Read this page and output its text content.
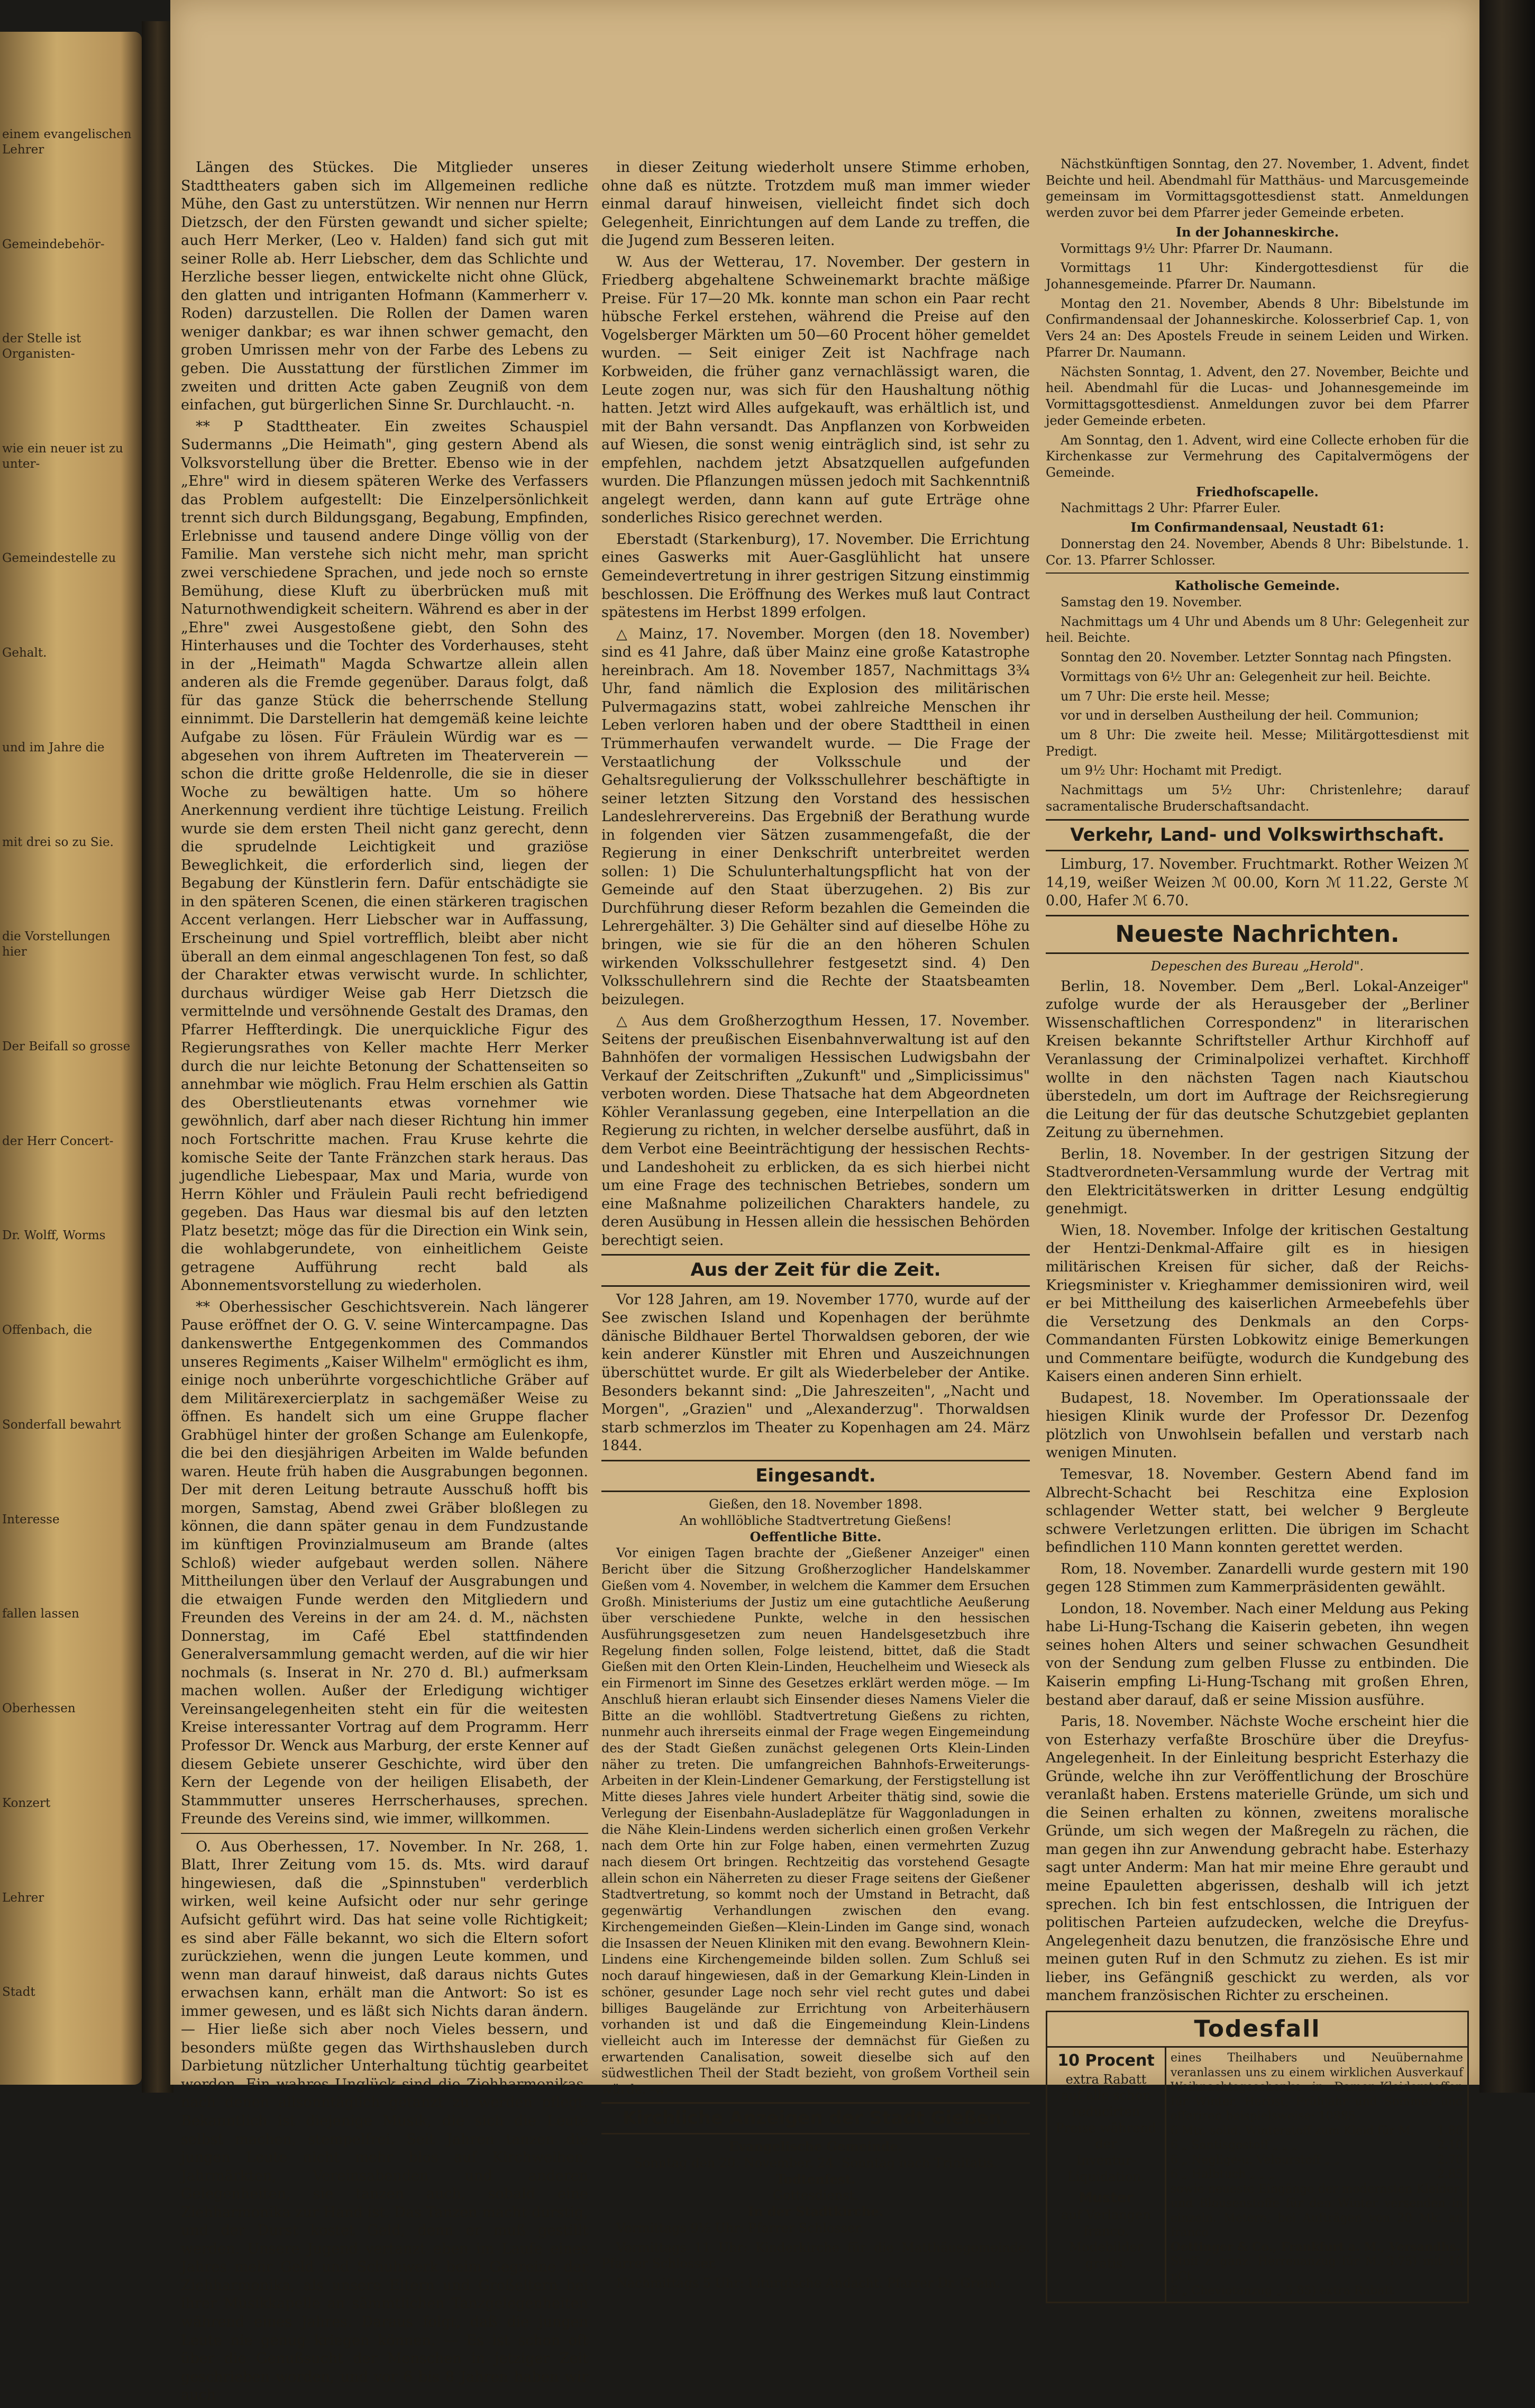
einem evangelischen Lehrer
Gemeindebehör-
der Stelle ist Organisten-
wie ein neuer ist zu unter-
Gemeindestelle zu
Gehalt.
und im Jahre die
mit drei so zu Sie.
die Vorstellungen hier
Der Beifall so grosse
der Herr Concert-
Dr. Wolff, Worms
Offenbach, die
Sonderfall bewahrt
Interesse
fallen lassen
Oberhessen
Konzert
Lehrer
Stadt

Längen des Stückes. Die Mitglieder unseres Stadttheaters gaben sich im Allgemeinen redliche Mühe, den Gast zu unterstützen. Wir nennen nur Herrn Dietzsch, der den Fürsten gewandt und sicher spielte; auch Herr Merker, (Leo v. Halden) fand sich gut mit seiner Rolle ab. Herr Liebscher, dem das Schlichte und Herzliche besser liegen, entwickelte nicht ohne Glück, den glatten und intriganten Hofmann (Kammerherr v. Roden) darzustellen. Die Rollen der Damen waren weniger dankbar; es war ihnen schwer gemacht, den groben Umrissen mehr von der Farbe des Lebens zu geben. Die Ausstattung der fürstlichen Zimmer im zweiten und dritten Acte gaben Zeugniß von dem einfachen, gut bürgerlichen Sinne Sr. Durchlaucht. -n.

** P Stadttheater. Ein zweites Schauspiel Sudermanns „Die Heimath", ging gestern Abend als Volksvorstellung über die Bretter. Ebenso wie in der „Ehre" wird in diesem späteren Werke des Verfassers das Problem aufgestellt: Die Einzelpersönlichkeit trennt sich durch Bildungsgang, Begabung, Empfinden, Erlebnisse und tausend andere Dinge völlig von der Familie. Man verstehe sich nicht mehr, man spricht zwei verschiedene Sprachen, und jede noch so ernste Bemühung, diese Kluft zu überbrücken muß mit Naturnothwendigkeit scheitern. Während es aber in der „Ehre" zwei Ausgestoßene giebt, den Sohn des Hinterhauses und die Tochter des Vorderhauses, steht in der „Heimath" Magda Schwartze allein allen anderen als die Fremde gegenüber. Daraus folgt, daß für das ganze Stück die beherrschende Stellung einnimmt. Die Darstellerin hat demgemäß keine leichte Aufgabe zu lösen. Für Fräulein Würdig war es — abgesehen von ihrem Auftreten im Theaterverein — schon die dritte große Heldenrolle, die sie in dieser Woche zu bewältigen hatte. Um so höhere Anerkennung verdient ihre tüchtige Leistung. Freilich wurde sie dem ersten Theil nicht ganz gerecht, denn die sprudelnde Leichtigkeit und graziöse Beweglichkeit, die erforderlich sind, liegen der Begabung der Künstlerin fern. Dafür entschädigte sie in den späteren Scenen, die einen stärkeren tragischen Accent verlangen. Herr Liebscher war in Auffassung, Erscheinung und Spiel vortrefflich, bleibt aber nicht überall an dem einmal angeschlagenen Ton fest, so daß der Charakter etwas verwischt wurde. In schlichter, durchaus würdiger Weise gab Herr Dietzsch die vermittelnde und versöhnende Gestalt des Dramas, den Pfarrer Heffterdingk. Die unerquickliche Figur des Regierungsrathes von Keller machte Herr Merker durch die nur leichte Betonung der Schattenseiten so annehmbar wie möglich. Frau Helm erschien als Gattin des Oberstlieutenants etwas vornehmer wie gewöhnlich, darf aber nach dieser Richtung hin immer noch Fortschritte machen. Frau Kruse kehrte die komische Seite der Tante Fränzchen stark heraus. Das jugendliche Liebespaar, Max und Maria, wurde von Herrn Köhler und Fräulein Pauli recht befriedigend gegeben. Das Haus war diesmal bis auf den letzten Platz besetzt; möge das für die Direction ein Wink sein, die wohlabgerundete, von einheitlichem Geiste getragene Aufführung recht bald als Abonnementsvorstellung zu wiederholen.

** Oberhessischer Geschichtsverein. Nach längerer Pause eröffnet der O. G. V. seine Wintercampagne. Das dankenswerthe Entgegenkommen des Commandos unseres Regiments „Kaiser Wilhelm" ermöglicht es ihm, einige noch unberührte vorgeschichtliche Gräber auf dem Militärexercierplatz in sachgemäßer Weise zu öffnen. Es handelt sich um eine Gruppe flacher Grabhügel hinter der großen Schange am Eulenkopfe, die bei den diesjährigen Arbeiten im Walde befunden waren. Heute früh haben die Ausgrabungen begonnen. Der mit deren Leitung betraute Ausschuß hofft bis morgen, Samstag, Abend zwei Gräber bloßlegen zu können, die dann später genau in dem Fundzustande im künftigen Provinzialmuseum am Brande (altes Schloß) wieder aufgebaut werden sollen. Nähere Mittheilungen über den Verlauf der Ausgrabungen und die etwaigen Funde werden den Mitgliedern und Freunden des Vereins in der am 24. d. M., nächsten Donnerstag, im Café Ebel stattfindenden Generalversammlung gemacht werden, auf die wir hier nochmals (s. Inserat in Nr. 270 d. Bl.) aufmerksam machen wollen. Außer der Erledigung wichtiger Vereinsangelegenheiten steht ein für die weitesten Kreise interessanter Vortrag auf dem Programm. Herr Professor Dr. Wenck aus Marburg, der erste Kenner auf diesem Gebiete unserer Geschichte, wird über den Kern der Legende von der heiligen Elisabeth, der Stammmutter unseres Herrscherhauses, sprechen. Freunde des Vereins sind, wie immer, willkommen.

O. Aus Oberhessen, 17. November. In Nr. 268, 1. Blatt, Ihrer Zeitung vom 15. ds. Mts. wird darauf hingewiesen, daß die „Spinnstuben" verderblich wirken, weil keine Aufsicht oder nur sehr geringe Aufsicht geführt wird. Das hat seine volle Richtigkeit; es sind aber Fälle bekannt, wo sich die Eltern sofort zurückziehen, wenn die jungen Leute kommen, und wenn man darauf hinweist, daß daraus nichts Gutes erwachsen kann, erhält man die Antwort: So ist es immer gewesen, und es läßt sich Nichts daran ändern. — Hier ließe sich aber noch Vieles bessern, und besonders müßte gegen das Wirthshausleben durch Darbietung nützlicher Unterhaltung tüchtig gearbeitet werden. Ein wahres Unglück sind die Ziehharmonikas, nach denen allsonntäglich getanzt zu werden pflegt. Bekanntlich ist diejenige Musik, die sich die Leute selbst machen, stempelfrei. Seit Jahren tanzen die jungen Leute nicht mehr blos auf Kirchweihen, Jahrmärkten, Vereinsabenden und anderen Gelegenheiten, sie tanzen auch, sobald eine Ziehharmonika zur Hand ist. Das Tanzen macht durstig, und der Durst kostet Geld, denn er muß gestillt werden. Unsere Jugend vertanzt eben im Laufe eines Jahres mehr Geld und Schuhwerk beim Gegreine der Ziehharmonika, als unsere Eltern und Großeltern bei ihrer Musikkapelle an sämmtlichen Tanzgelegenheiten während eines Jahres. Daraus folgt, daß die jungen Leute nie genug kriegen können. — Es ist schon oft über die Genußsucht der Menschen in jetziger Zeit geschrieben worden, und vor 6 bis 8 Jahren haben wir auch

in dieser Zeitung wiederholt unsere Stimme erhoben, ohne daß es nützte. Trotzdem muß man immer wieder einmal darauf hinweisen, vielleicht findet sich doch Gelegenheit, Einrichtungen auf dem Lande zu treffen, die die Jugend zum Besseren leiten.

W. Aus der Wetterau, 17. November. Der gestern in Friedberg abgehaltene Schweinemarkt brachte mäßige Preise. Für 17—20 Mk. konnte man schon ein Paar recht hübsche Ferkel erstehen, während die Preise auf den Vogelsberger Märkten um 50—60 Procent höher gemeldet wurden. — Seit einiger Zeit ist Nachfrage nach Korbweiden, die früher ganz vernachlässigt waren, die Leute zogen nur, was sich für den Haushaltung nöthig hatten. Jetzt wird Alles aufgekauft, was erhältlich ist, und mit der Bahn versandt. Das Anpflanzen von Korbweiden auf Wiesen, die sonst wenig einträglich sind, ist sehr zu empfehlen, nachdem jetzt Absatzquellen aufgefunden wurden. Die Pflanzungen müssen jedoch mit Sachkenntniß angelegt werden, dann kann auf gute Erträge ohne sonderliches Risico gerechnet werden.

Eberstadt (Starkenburg), 17. November. Die Errichtung eines Gaswerks mit Auer-Gasglühlicht hat unsere Gemeindevertretung in ihrer gestrigen Sitzung einstimmig beschlossen. Die Eröffnung des Werkes muß laut Contract spätestens im Herbst 1899 erfolgen.

△ Mainz, 17. November. Morgen (den 18. November) sind es 41 Jahre, daß über Mainz eine große Katastrophe hereinbrach. Am 18. November 1857, Nachmittags 3¾ Uhr, fand nämlich die Explosion des militärischen Pulvermagazins statt, wobei zahlreiche Menschen ihr Leben verloren haben und der obere Stadttheil in einen Trümmerhaufen verwandelt wurde. — Die Frage der Verstaatlichung der Volksschule und der Gehaltsregulierung der Volksschullehrer beschäftigte in seiner letzten Sitzung den Vorstand des hessischen Landeslehrervereins. Das Ergebniß der Berathung wurde in folgenden vier Sätzen zusammengefaßt, die der Regierung in einer Denkschrift unterbreitet werden sollen: 1) Die Schulunterhaltungspflicht hat von der Gemeinde auf den Staat überzugehen. 2) Bis zur Durchführung dieser Reform bezahlen die Gemeinden die Lehrergehälter. 3) Die Gehälter sind auf dieselbe Höhe zu bringen, wie sie für die an den höheren Schulen wirkenden Volksschullehrer festgesetzt sind. 4) Den Volksschullehrern sind die Rechte der Staatsbeamten beizulegen.

△ Aus dem Großherzogthum Hessen, 17. November. Seitens der preußischen Eisenbahnverwaltung ist auf den Bahnhöfen der vormaligen Hessischen Ludwigsbahn der Verkauf der Zeitschriften „Zukunft" und „Simplicissimus" verboten worden. Diese Thatsache hat dem Abgeordneten Köhler Veranlassung gegeben, eine Interpellation an die Regierung zu richten, in welcher derselbe ausführt, daß in dem Verbot eine Beeinträchtigung der hessischen Rechts- und Landeshoheit zu erblicken, da es sich hierbei nicht um eine Frage des technischen Betriebes, sondern um eine Maßnahme polizeilichen Charakters handele, zu deren Ausübung in Hessen allein die hessischen Behörden berechtigt seien.

Aus der Zeit für die Zeit.

Vor 128 Jahren, am 19. November 1770, wurde auf der See zwischen Island und Kopenhagen der berühmte dänische Bildhauer Bertel Thorwaldsen geboren, der wie kein anderer Künstler mit Ehren und Auszeichnungen überschüttet wurde. Er gilt als Wiederbeleber der Antike. Besonders bekannt sind: „Die Jahreszeiten", „Nacht und Morgen", „Grazien" und „Alexanderzug". Thorwaldsen starb schmerzlos im Theater zu Kopenhagen am 24. März 1844.

Eingesandt.
Gießen, den 18. November 1898.
An wohllöbliche Stadtvertretung Gießens!
Oeffentliche Bitte.

Vor einigen Tagen brachte der „Gießener Anzeiger" einen Bericht über die Sitzung Großherzoglicher Handelskammer Gießen vom 4. November, in welchem die Kammer dem Ersuchen Großh. Ministeriums der Justiz um eine gutachtliche Aeußerung über verschiedene Punkte, welche in den hessischen Ausführungsgesetzen zum neuen Handelsgesetzbuch ihre Regelung finden sollen, Folge leistend, bittet, daß die Stadt Gießen mit den Orten Klein-Linden, Heuchelheim und Wieseck als ein Firmenort im Sinne des Gesetzes erklärt werden möge. — Im Anschluß hieran erlaubt sich Einsender dieses Namens Vieler die Bitte an die wohllöbl. Stadtvertretung Gießens zu richten, nunmehr auch ihrerseits einmal der Frage wegen Eingemeindung des der Stadt Gießen zunächst gelegenen Orts Klein-Linden näher zu treten. Die umfangreichen Bahnhofs-Erweiterungs-Arbeiten in der Klein-Lindener Gemarkung, der Ferstigstellung ist Mitte dieses Jahres viele hundert Arbeiter thätig sind, sowie die Verlegung der Eisenbahn-Ausladeplätze für Waggonladungen in die Nähe Klein-Lindens werden sicherlich einen großen Verkehr nach dem Orte hin zur Folge haben, einen vermehrten Zuzug nach diesem Ort bringen. Rechtzeitig das vorstehend Gesagte allein schon ein Näherreten zu dieser Frage seitens der Gießener Stadtvertretung, so kommt noch der Umstand in Betracht, daß gegenwärtig Verhandlungen zwischen den evang. Kirchengemeinden Gießen—Klein-Linden im Gange sind, wonach die Insassen der Neuen Kliniken mit den evang. Bewohnern Klein-Lindens eine Kirchengemeinde bilden sollen. Zum Schluß sei noch darauf hingewiesen, daß in der Gemarkung Klein-Linden in schöner, gesunder Lage noch sehr viel recht gutes und dabei billiges Baugelände zur Errichtung von Arbeiterhäusern vorhanden ist und daß die Eingemeindung Klein-Lindens vielleicht auch im Interesse der demnächst für Gießen zu erwartenden Canalisation, soweit dieselbe sich auf den südwestlichen Theil der Stadt bezieht, von großem Vortheil sein würde. -w.-

Kirchliche Anzeigen der Stadt Gießen.
Evangelische Gemeinde.
Sonntag den 20. November. 24. Sonntag nach Trinitatis.
Todtenfest.
Gottesdienst.
In der Stadtkirche.

Vormittags 9½ Uhr: Pfarrer Schlosser.

Vormittags 11 Uhr: Kinderkirche für die Matthäusgemeinde. Pfarrer Schlosser.

Nachmittags 5 Uhr: Liturgische Andacht. Pfarrer Dr. Grein.

Nächstkünftigen Sonntag, den 27. November, 1. Advent, findet Beichte und heil. Abendmahl für Matthäus- und Marcusgemeinde gemeinsam im Vormittagsgottesdienst statt. Anmeldungen werden zuvor bei dem Pfarrer jeder Gemeinde erbeten.

In der Johanneskirche.

Vormittags 9½ Uhr: Pfarrer Dr. Naumann.

Vormittags 11 Uhr: Kindergottesdienst für die Johannesgemeinde. Pfarrer Dr. Naumann.

Montag den 21. November, Abends 8 Uhr: Bibelstunde im Confirmandensaal der Johanneskirche. Kolosserbrief Cap. 1, von Vers 24 an: Des Apostels Freude in seinem Leiden und Wirken. Pfarrer Dr. Naumann.

Nächsten Sonntag, 1. Advent, den 27. November, Beichte und heil. Abendmahl für die Lucas- und Johannesgemeinde im Vormittagsgottesdienst. Anmeldungen zuvor bei dem Pfarrer jeder Gemeinde erbeten.

Am Sonntag, den 1. Advent, wird eine Collecte erhoben für die Kirchenkasse zur Vermehrung des Capitalvermögens der Gemeinde.

Friedhofscapelle.

Nachmittags 2 Uhr: Pfarrer Euler.

Im Confirmandensaal, Neustadt 61:

Donnerstag den 24. November, Abends 8 Uhr: Bibelstunde. 1. Cor. 13. Pfarrer Schlosser.

Katholische Gemeinde.

Samstag den 19. November.

Nachmittags um 4 Uhr und Abends um 8 Uhr: Gelegenheit zur heil. Beichte.

Sonntag den 20. November. Letzter Sonntag nach Pfingsten.

Vormittags von 6½ Uhr an: Gelegenheit zur heil. Beichte.

um 7 Uhr: Die erste heil. Messe;

vor und in derselben Austheilung der heil. Communion;

um 8 Uhr: Die zweite heil. Messe; Militärgottesdienst mit Predigt.

um 9½ Uhr: Hochamt mit Predigt.

Nachmittags um 5½ Uhr: Christenlehre; darauf sacramentalische Bruderschaftsandacht.

Verkehr, Land- und Volkswirthschaft.

Limburg, 17. November. Fruchtmarkt. Rother Weizen ℳ 14,19, weißer Weizen ℳ 00.00, Korn ℳ 11.22, Gerste ℳ 0.00, Hafer ℳ 6.70.

Neueste Nachrichten.
Depeschen des Bureau „Herold".

Berlin, 18. November. Dem „Berl. Lokal-Anzeiger" zufolge wurde der als Herausgeber der „Berliner Wissenschaftlichen Correspondenz" in literarischen Kreisen bekannte Schriftsteller Arthur Kirchhoff auf Veranlassung der Criminalpolizei verhaftet. Kirchhoff wollte in den nächsten Tagen nach Kiautschou überstedeln, um dort im Auftrage der Reichsregierung die Leitung der für das deutsche Schutzgebiet geplanten Zeitung zu übernehmen.

Berlin, 18. November. In der gestrigen Sitzung der Stadtverordneten-Versammlung wurde der Vertrag mit den Elektricitätswerken in dritter Lesung endgültig genehmigt.

Wien, 18. November. Infolge der kritischen Gestaltung der Hentzi-Denkmal-Affaire gilt es in hiesigen militärischen Kreisen für sicher, daß der Reichs-Kriegsminister v. Krieghammer demissioniren wird, weil er bei Mittheilung des kaiserlichen Armeebefehls über die Versetzung des Denkmals an den Corps-Commandanten Fürsten Lobkowitz einige Bemerkungen und Commentare beifügte, wodurch die Kundgebung des Kaisers einen anderen Sinn erhielt.

Budapest, 18. November. Im Operationssaale der hiesigen Klinik wurde der Professor Dr. Dezenfog plötzlich von Unwohlsein befallen und verstarb nach wenigen Minuten.

Temesvar, 18. November. Gestern Abend fand im Albrecht-Schacht bei Reschitza eine Explosion schlagender Wetter statt, bei welcher 9 Bergleute schwere Verletzungen erlitten. Die übrigen im Schacht befindlichen 110 Mann konnten gerettet werden.

Rom, 18. November. Zanardelli wurde gestern mit 190 gegen 128 Stimmen zum Kammerpräsidenten gewählt.

London, 18. November. Nach einer Meldung aus Peking habe Li-Hung-Tschang die Kaiserin gebeten, ihn wegen seines hohen Alters und seiner schwachen Gesundheit von der Sendung zum gelben Flusse zu entbinden. Die Kaiserin empfing Li-Hung-Tschang mit großen Ehren, bestand aber darauf, daß er seine Mission ausführe.

Paris, 18. November. Nächste Woche erscheint hier die von Esterhazy verfaßte Broschüre über die Dreyfus-Angelegenheit. In der Einleitung bespricht Esterhazy die Gründe, welche ihn zur Veröffentlichung der Broschüre veranlaßt haben. Erstens materielle Gründe, um sich und die Seinen erhalten zu können, zweitens moralische Gründe, um sich wegen der Maßregeln zu rächen, die man gegen ihn zur Anwendung gebracht habe. Esterhazy sagt unter Anderm: Man hat mir meine Ehre geraubt und meine Epauletten abgerissen, deshalb will ich jetzt sprechen. Ich bin fest entschlossen, die Intriguen der politischen Parteien aufzudecken, welche die Dreyfus-Angelegenheit dazu benutzen, die französische Ehre und meinen guten Ruf in den Schmutz zu ziehen. Es ist mir lieber, ins Gefängniß geschickt zu werden, als vor manchem französischen Richter zu erscheinen.

Todesfall
10 Procent
extra Rabatt
auf alle schon reducirten Preise während der
Inventur-Liquidation.
Muster
auf Verlangen franco.
Modebilder gratis.
eines Theilhabers und Neuübernahme veranlassen uns zu einem wirklichen Ausverkauf Weihnachtsgeschenke in Damen-Kleiderstoffen für Winter, Herbst, Frühjahr und Sommer und offeriren beispielsweise: 10885
6 Mtr. solid. Winterstoff zum Kleid für M. 1.80
6 „ Santisgostoff „ „ „	2.10
6 „ Negligé-u. Velourstoff „ „	2.70
6 „ Halbtuch „ „ „	2.85
sowie neueste Eingänge der modernsten Kleider- und Blousenstoffe für den Winter versenden in einzeln. Metern, bei Aufträgen von 20 Mk. an franco
Oettinger & Co., Frankfurt a. M., Versandhs.
Stoff z. ganz. Herrenanzug für M. 3.75) mit 10 pCt.
6 „ Cheviotanzug „ 5.85) extra Rabatt
